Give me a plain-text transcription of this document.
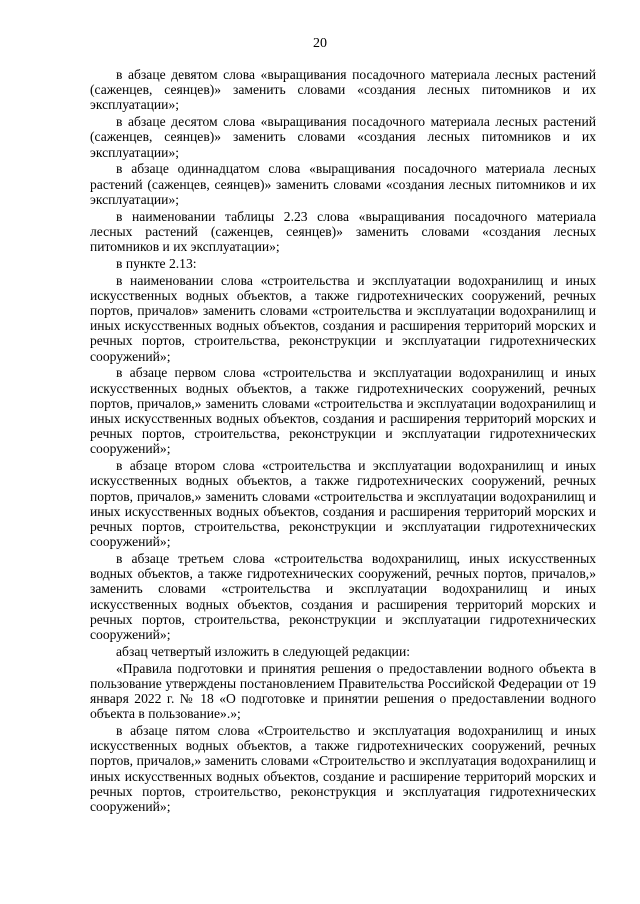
20

в абзаце девятом слова «выращивания посадочного материала лесных растений (саженцев, сеянцев)» заменить словами «создания лесных питомников и их эксплуатации»;

в абзаце десятом слова «выращивания посадочного материала лесных растений (саженцев, сеянцев)» заменить словами «создания лесных питомников и их эксплуатации»;

в абзаце одиннадцатом слова «выращивания посадочного материала лесных растений (саженцев, сеянцев)» заменить словами «создания лесных питомников и их эксплуатации»;

в наименовании таблицы 2.23 слова «выращивания посадочного материала лесных растений (саженцев, сеянцев)» заменить словами «создания лесных питомников и их эксплуатации»;

в пункте 2.13:

в наименовании слова «строительства и эксплуатации водохранилищ и иных искусственных водных объектов, а также гидротехнических сооружений, речных портов, причалов» заменить словами «строительства и эксплуатации водохранилищ и иных искусственных водных объектов, создания и расширения территорий морских и речных портов, строительства, реконструкции и эксплуатации гидротехнических сооружений»;

в абзаце первом слова «строительства и эксплуатации водохранилищ и иных искусственных водных объектов, а также гидротехнических сооружений, речных портов, причалов,» заменить словами «строительства и эксплуатации водохранилищ и иных искусственных водных объектов, создания и расширения территорий морских и речных портов, строительства, реконструкции и эксплуатации гидротехнических сооружений»;

в абзаце втором слова «строительства и эксплуатации водохранилищ и иных искусственных водных объектов, а также гидротехнических сооружений, речных портов, причалов,» заменить словами «строительства и эксплуатации водохранилищ и иных искусственных водных объектов, создания и расширения территорий морских и речных портов, строительства, реконструкции и эксплуатации гидротехнических сооружений»;

в абзаце третьем слова «строительства водохранилищ, иных искусственных водных объектов, а также гидротехнических сооружений, речных портов, причалов,» заменить словами «строительства и эксплуатации водохранилищ и иных искусственных водных объектов, создания и расширения территорий морских и речных портов, строительства, реконструкции и эксплуатации гидротехнических сооружений»;

абзац четвертый изложить в следующей редакции:

«Правила подготовки и принятия решения о предоставлении водного объекта в пользование утверждены постановлением Правительства Российской Федерации от 19 января 2022 г. № 18 «О подготовке и принятии решения о предоставлении водного объекта в пользование».»;

в абзаце пятом слова «Строительство и эксплуатация водохранилищ и иных искусственных водных объектов, а также гидротехнических сооружений, речных портов, причалов,» заменить словами «Строительство и эксплуатация водохранилищ и иных искусственных водных объектов, создание и расширение территорий морских и речных портов, строительство, реконструкция и эксплуатация гидротехнических сооружений»;
